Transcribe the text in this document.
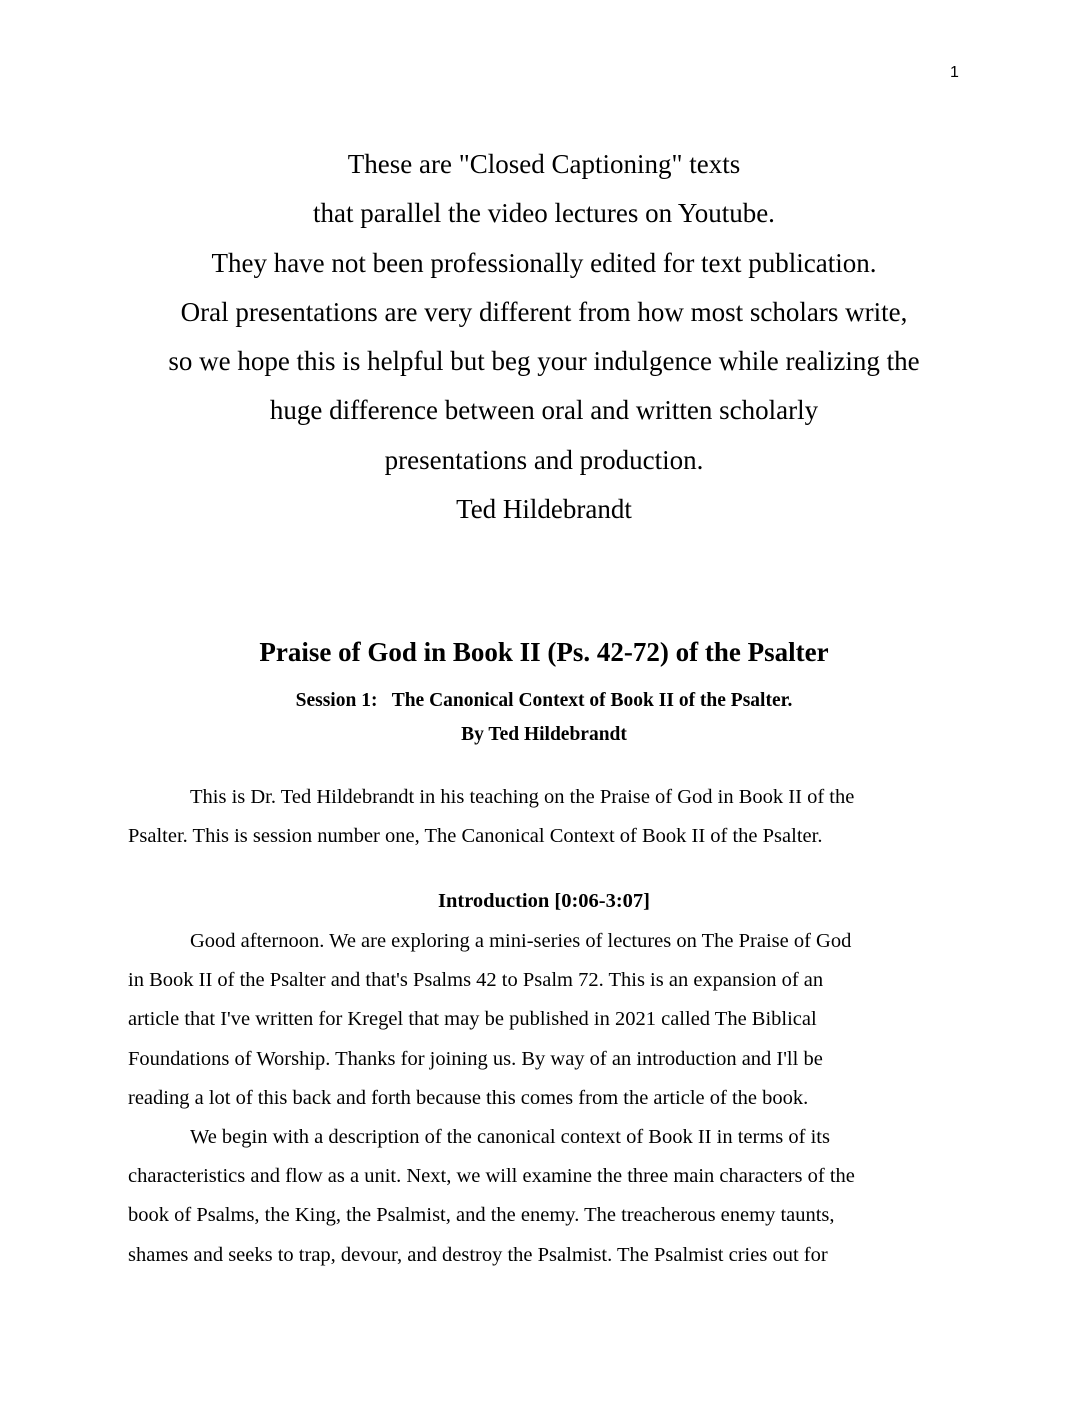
1
These are "Closed Captioning" texts
that parallel the video lectures on Youtube.
They have not been professionally edited for text publication.
Oral presentations are very different from how most scholars write,
so we hope this is helpful but beg your indulgence while realizing the
huge difference between oral and written scholarly
presentations and production.
Ted Hildebrandt
Praise of God in Book II (Ps. 42-72) of the Psalter
Session 1:   The Canonical Context of Book II of the Psalter.
By Ted Hildebrandt
This is Dr. Ted Hildebrandt in his teaching on the Praise of God in Book II of the
Psalter. This is session number one, The Canonical Context of Book II of the Psalter.
Introduction [0:06-3:07]
Good afternoon. We are exploring a mini-series of lectures on The Praise of God
in Book II of the Psalter and that's Psalms 42 to Psalm 72. This is an expansion of an
article that I've written for Kregel that may be published in 2021 called The Biblical
Foundations of Worship. Thanks for joining us. By way of an introduction and I'll be
reading a lot of this back and forth because this comes from the article of the book.
We begin with a description of the canonical context of Book II in terms of its
characteristics and flow as a unit. Next, we will examine the three main characters of the
book of Psalms, the King, the Psalmist, and the enemy. The treacherous enemy taunts,
shames and seeks to trap, devour, and destroy the Psalmist. The Psalmist cries out for
